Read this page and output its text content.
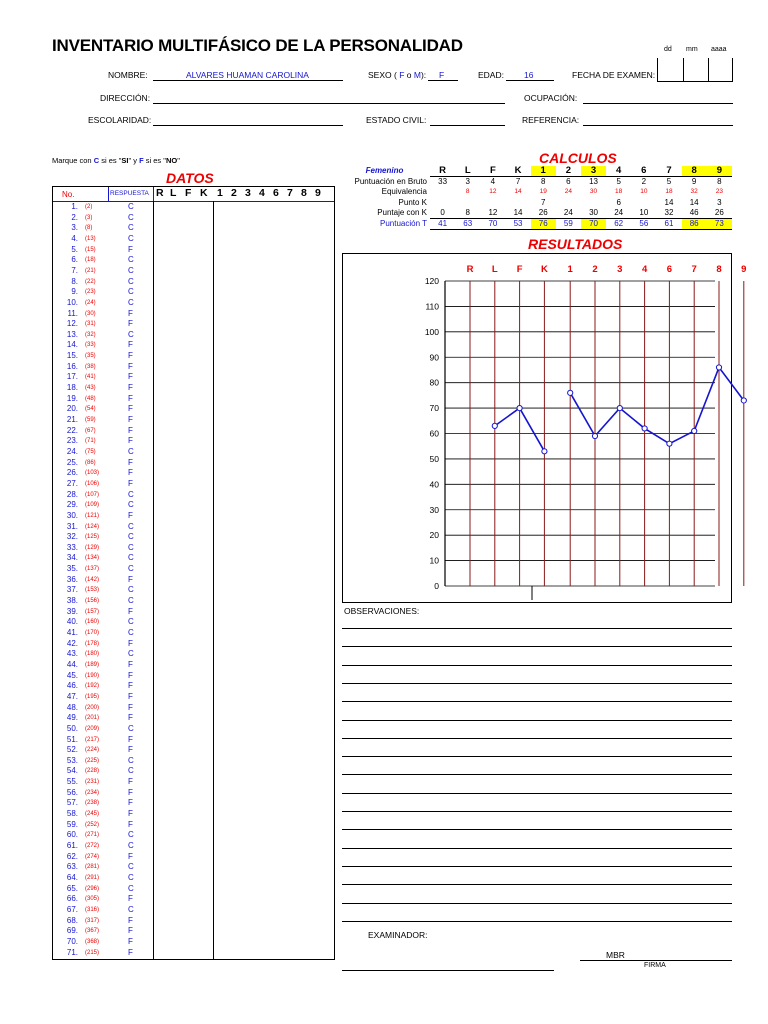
INVENTARIO MULTIFÁSICO DE LA PERSONALIDAD	dd mm aaaa
NOMBRE:	ALVARES HUAMAN CAROLINA	SEXO ( F o M): F	EDAD: 16	FECHA DE EXAMEN:
DIRECCIÓN:	OCUPACIÓN:
ESCOLARIDAD:	ESTADO CIVIL:	REFERENCIA:
Marque con C si es "SI" y F si es "NO"
DATOS
No.	RESPUESTA R L F K 1 2 3 4 6 7 8 9
1. (2)	C
2. (3)	C
3. (8)	C
4. (13)	C
5. (15)	F
6. (18)	C
7. (21)	C
8. (22)	C
9. (23)	C
10. (24)	C
11. (30)	F
12. (31)	F
13. (32)	C
14. (33)	F
15. (35)	F
16. (38)	F
17. (41)	F
18. (43)	F
19. (48)	F
20. (54)	F
21. (59)	F
22. (67)	F
23. (71)	F
24. (75)	C
25. (86)	F
26. (103)	F
27. (106)	F
28. (107)	C
29. (109)	C
30. (121)	F
31. (124)	C
32. (125)	C
33. (129)	C
34. (134)	C
35. (137)	C
36. (142)	F
37. (153)	C
38. (156)	C
39. (157)	F
40. (160)	C
41. (170)	C
42. (178)	F
43. (180)	C
44. (189)	F
45. (190)	F
46. (192)	F
47. (195)	F
48. (200)	F
49. (201)	F
50. (209)	C
51. (217)	F
52. (224)	F
53. (225)	C
54. (228)	C
55. (231)	F
56. (234)	F
57. (238)	F
58. (245)	F
59. (252)	F
60. (271)	C
61. (272)	C
62. (274)	F
63. (281)	C
64. (291)	C
65. (296)	C
66. (305)	F
67. (316)	C
68. (317)	F
69. (367)	F
70. (368)	F
71. (215)	F
CALCULOS
Femenino	R	L	F	K	1	2	3	4	6	7	8	9
Puntuación en Bruto	33	3	4	7	8	6	13	5	2	5	9	8
Equivalencia		8	12	14	19	24	30	18	10	18	32	23
Punto K					7			6		14	14	3
Puntaje con K	0	8	12	14	26	24	30	24	10	32	46	26
Puntuación T	41	63	70	53	76	59	70	62	56	61	86	73
RESULTADOS
0
10
20
30
40
50
60
70
80
90
100
110
120
R L F K 1 2 3 4 6 7 8 9
OBSERVACIONES:
EXAMINADOR:
MBR
FIRMA
